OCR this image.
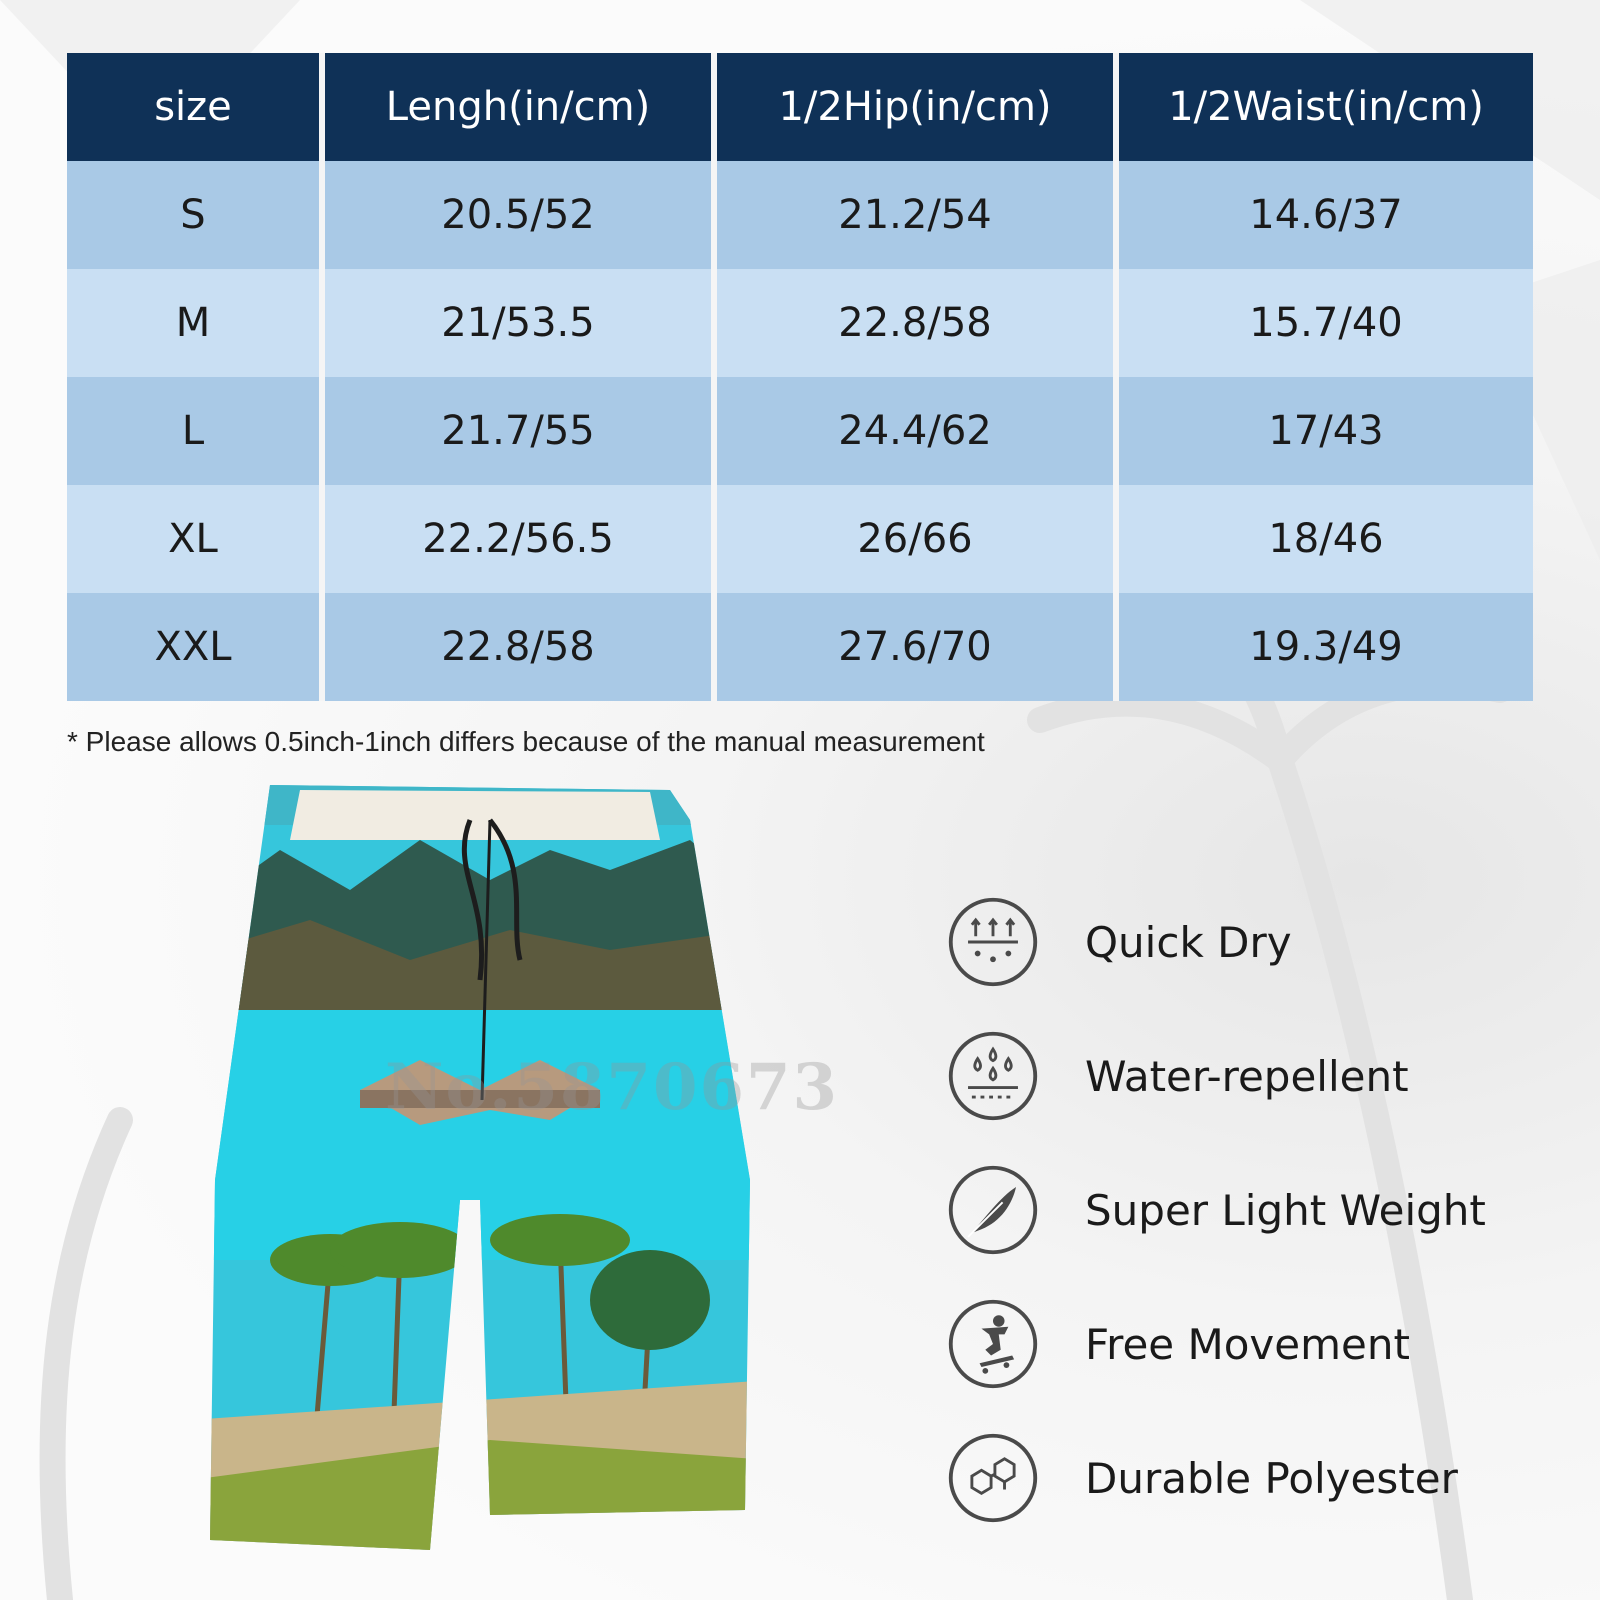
size	Lengh(in/cm)	1/2Hip(in/cm)	1/2Waist(in/cm)
S	20.5/52	21.2/54	14.6/37
M	21/53.5	22.8/58	15.7/40
L	21.7/55	24.4/62	17/43
XL	22.2/56.5	26/66	18/46
XXL	22.8/58	27.6/70	19.3/49

* Please allows 0.5inch-1inch differs because of the manual measurement

No.5870673

Quick Dry
Water-repellent
Super Light Weight
Free Movement
Durable Polyester
